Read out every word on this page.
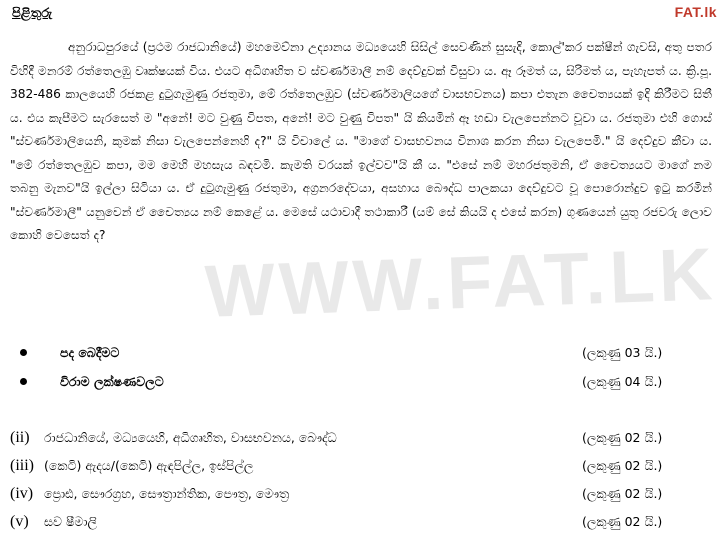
FAT.lk
පිළිතුරු
අනුරාධපුරයේ (ප්‍රථම රාජධානියේ) මහමෙව්නා උද්‍යානය මධ්‍යයෙහි සිසිල් සෙවණින් සුසැදි, කොල්'කර පක්ෂීන් ගැවසි, අතු පතර විහිදී මනරම් රත්තෙලඹු වෘක්ෂයක් විය. එයට අධිගෘහිත ව ස්වර්ණමාලී නම් දෙව්දුවක් විසුවා ය. ඈ රූමත් ය, සිරිමත් ය, පැහැපත් ය. ක්‍රි.පූ. 382-486 කාලයෙහි රජකළ දුටුගැමුණු රජතුමා, මේ රත්තෙලඹුව (ස්වර්ණමාලියගේ වාසභවනය) කපා එතැන චෛත්‍යයක් ඉදි කිරීමට සිතී ය. එය කැපීමට සැරසෙත් ම "අනේ! මට වුණු විපත, අනේ! මට වුණු විපත" යි කියමින් ඈ හඬා වැලපෙන්නට වූවා ය. රජතුමා එහි ගොස් "ස්වර්ණමාලියෙනි, කුමක් නිසා වැලපෙන්නෙහි ද?" යි විචාලේ ය. "මාගේ වාසභවනය විනාශ කරන නිසා වැලපෙමි." යි දෙව්දුව කීවා ය. "මේ රත්තෙලඹුව කපා, මම මෙහි මහසැය බඳවමි. කැමති වරයක් ඉල්වව"යි කී ය. "එසේ නම් මහරජතුමනි, ඒ චෛත්‍යයට මාගේ නම තබනු මැනව"යි ඉල්ලා සිටියා ය. ඒ දුටුගැමුණු රජතුමා, අග්‍රනරදේවයා, අසහාය බෞද්ධ පාලකයා දෙව්දුවට වූ පොරොන්දුව ඉටු කරමින් "ස්වර්ණමාලී" යනුවෙන් ඒ චෛත්‍යය නම් කෙළේ ය. මෙසේ යථාවාදී තථාකාරී (යම් සේ කියයි ද එසේ කරන) ගුණයෙන් යුතු රජවරු ලොව කොහි වෙසෙත් ද?	WWW.FAT.LK
පද බෙදීමට	(ලකුණු 03 යි.)
විරාම ලක්ෂණවලට	(ලකුණු 04 යි.)
(ii) රාජධානියේ, මධ්‍යයෙහි, අධිගෘහිත, වාසභවනය, බෞද්ධ	(ලකුණු 02 යි.)
(iii) (කෙටි) ඇදය/(කෙටි) ඇඳපිල්ල, ඉස්පිල්ල	(ලකුණු 02 යි.)
(iv) ප්‍රොඪ, සෞරග්‍රහ, සෞත්‍රාන්තික, පෞත්‍ර, මෞත්‍ර	(ලකුණු 02 යි.)
(v) සව ෂීමාලි	(ලකුණු 02 යි.)
